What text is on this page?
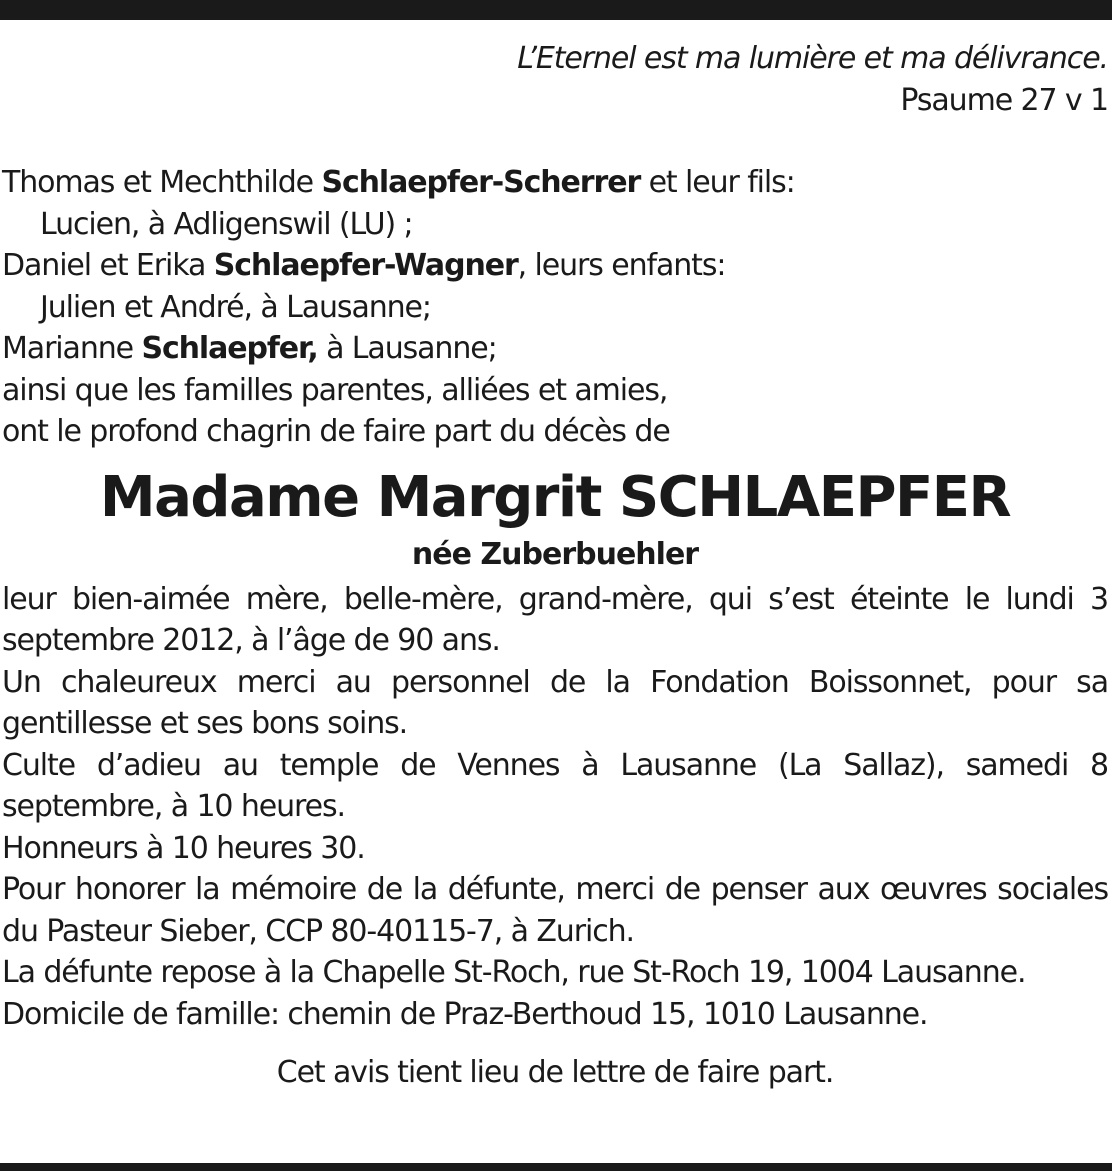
L’Eternel est ma lumière et ma délivrance.
Psaume 27 v 1
Thomas et Mechthilde Schlaepfer-Scherrer et leur fils:
Lucien, à Adligenswil (LU) ;
Daniel et Erika Schlaepfer-Wagner, leurs enfants:
Julien et André, à Lausanne;
Marianne Schlaepfer, à Lausanne;
ainsi que les familles parentes, alliées et amies,
ont le profond chagrin de faire part du décès de
Madame Margrit SCHLAEPFER
née Zuberbuehler
leur bien-aimée mère, belle-mère, grand-mère, qui s’est éteinte le lundi 3 septembre 2012, à l’âge de 90 ans.
Un chaleureux merci au personnel de la Fondation Boissonnet, pour sa gentillesse et ses bons soins.
Culte d’adieu au temple de Vennes à Lausanne (La Sallaz), samedi 8 septembre, à 10 heures.
Honneurs à 10 heures 30.
Pour honorer la mémoire de la défunte, merci de penser aux œuvres sociales du Pasteur Sieber, CCP 80-40115-7, à Zurich.
La défunte repose à la Chapelle St-Roch, rue St-Roch 19, 1004 Lausanne.
Domicile de famille: chemin de Praz-Berthoud 15, 1010 Lausanne.
Cet avis tient lieu de lettre de faire part.
